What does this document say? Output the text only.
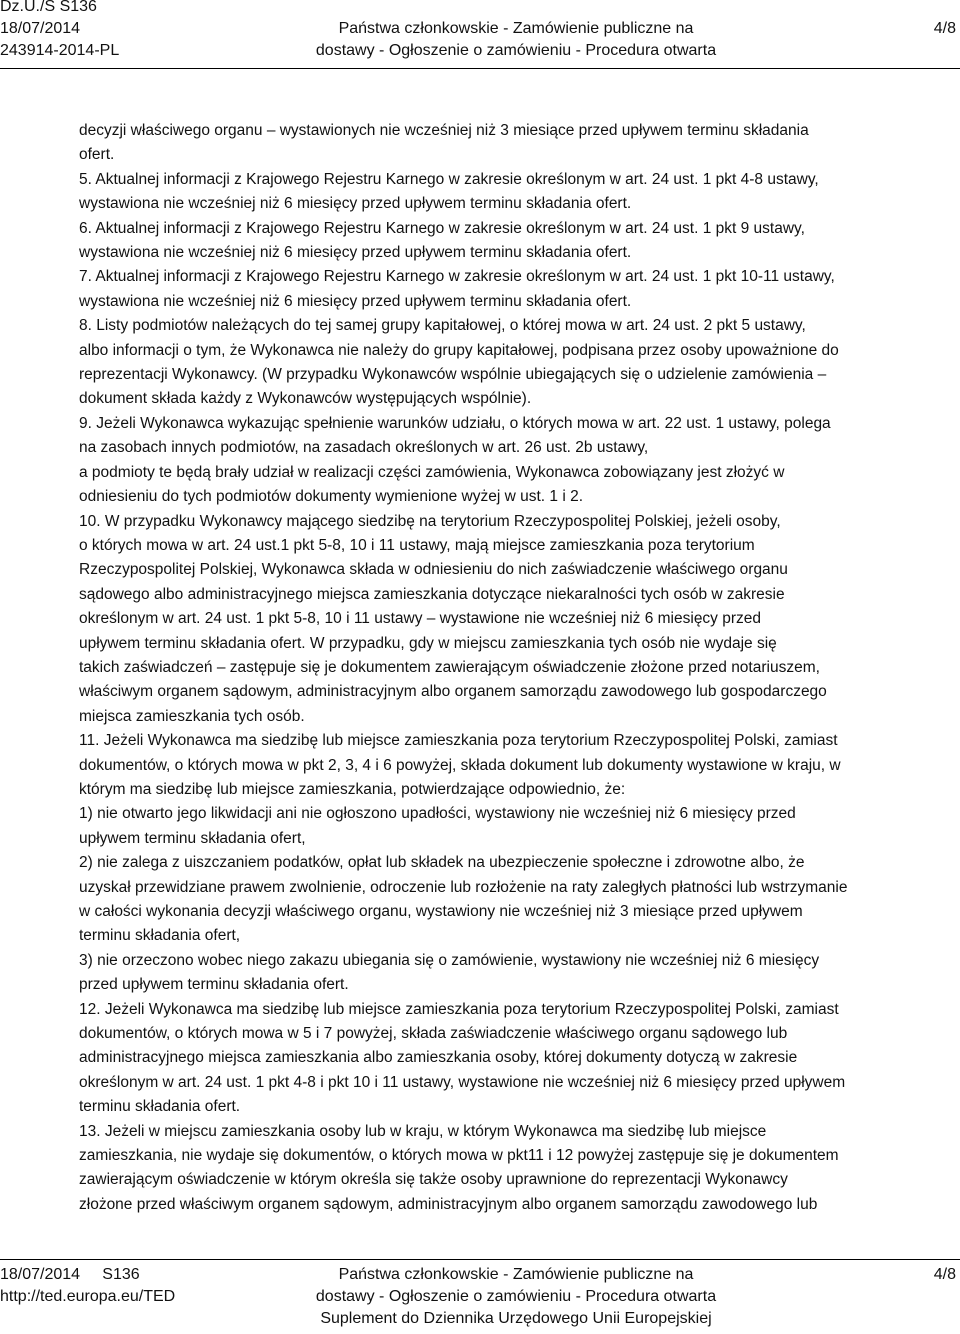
Dz.U./S S136
18/07/2014
243914-2014-PL
Państwa członkowskie - Zamówienie publiczne na
dostawy - Ogłoszenie o zamówieniu - Procedura otwarta
4/8

decyzji właściwego organu – wystawionych nie wcześniej niż 3 miesiące przed upływem terminu składania
ofert.

5. Aktualnej informacji z Krajowego Rejestru Karnego w zakresie określonym w art. 24 ust. 1 pkt 4-8 ustawy,
wystawiona nie wcześniej niż 6 miesięcy przed upływem terminu składania ofert.

6. Aktualnej informacji z Krajowego Rejestru Karnego w zakresie określonym w art. 24 ust. 1 pkt 9 ustawy,
wystawiona nie wcześniej niż 6 miesięcy przed upływem terminu składania ofert.

7. Aktualnej informacji z Krajowego Rejestru Karnego w zakresie określonym w art. 24 ust. 1 pkt 10-11 ustawy,
wystawiona nie wcześniej niż 6 miesięcy przed upływem terminu składania ofert.

8. Listy podmiotów należących do tej samej grupy kapitałowej, o której mowa w art. 24 ust. 2 pkt 5 ustawy,
albo informacji o tym, że Wykonawca nie należy do grupy kapitałowej, podpisana przez osoby upoważnione do
reprezentacji Wykonawcy. (W przypadku Wykonawców wspólnie ubiegających się o udzielenie zamówienia –
dokument składa każdy z Wykonawców występujących wspólnie).

9. Jeżeli Wykonawca wykazując spełnienie warunków udziału, o których mowa w art. 22 ust. 1 ustawy, polega
na zasobach innych podmiotów, na zasadach określonych w art. 26 ust. 2b ustawy,
a podmioty te będą brały udział w realizacji części zamówienia, Wykonawca zobowiązany jest złożyć w
odniesieniu do tych podmiotów dokumenty wymienione wyżej w ust. 1 i 2.

10. W przypadku Wykonawcy mającego siedzibę na terytorium Rzeczypospolitej Polskiej, jeżeli osoby,
o których mowa w art. 24 ust.1 pkt 5-8, 10 i 11 ustawy, mają miejsce zamieszkania poza terytorium
Rzeczypospolitej Polskiej, Wykonawca składa w odniesieniu do nich zaświadczenie właściwego organu
sądowego albo administracyjnego miejsca zamieszkania dotyczące niekaralności tych osób w zakresie
określonym w art. 24 ust. 1 pkt 5-8, 10 i 11 ustawy – wystawione nie wcześniej niż 6 miesięcy przed
upływem terminu składania ofert. W przypadku, gdy w miejscu zamieszkania tych osób nie wydaje się
takich zaświadczeń – zastępuje się je dokumentem zawierającym oświadczenie złożone przed notariuszem,
właściwym organem sądowym, administracyjnym albo organem samorządu zawodowego lub gospodarczego
miejsca zamieszkania tych osób.

11. Jeżeli Wykonawca ma siedzibę lub miejsce zamieszkania poza terytorium Rzeczypospolitej Polski, zamiast
dokumentów, o których mowa w pkt 2, 3, 4 i 6 powyżej, składa dokument lub dokumenty wystawione w kraju, w
którym ma siedzibę lub miejsce zamieszkania, potwierdzające odpowiednio, że:

1) nie otwarto jego likwidacji ani nie ogłoszono upadłości, wystawiony nie wcześniej niż 6 miesięcy przed
upływem terminu składania ofert,

2) nie zalega z uiszczaniem podatków, opłat lub składek na ubezpieczenie społeczne i zdrowotne albo, że
uzyskał przewidziane prawem zwolnienie, odroczenie lub rozłożenie na raty zaległych płatności lub wstrzymanie
w całości wykonania decyzji właściwego organu, wystawiony nie wcześniej niż 3 miesiące przed upływem
terminu składania ofert,

3) nie orzeczono wobec niego zakazu ubiegania się o zamówienie, wystawiony nie wcześniej niż 6 miesięcy
przed upływem terminu składania ofert.

12. Jeżeli Wykonawca ma siedzibę lub miejsce zamieszkania poza terytorium Rzeczypospolitej Polski, zamiast
dokumentów, o których mowa w 5 i 7 powyżej, składa zaświadczenie właściwego organu sądowego lub
administracyjnego miejsca zamieszkania albo zamieszkania osoby, której dokumenty dotyczą w zakresie
określonym w art. 24 ust. 1 pkt 4-8 i pkt 10 i 11 ustawy, wystawione nie wcześniej niż 6 miesięcy przed upływem
terminu składania ofert.

13. Jeżeli w miejscu zamieszkania osoby lub w kraju, w którym Wykonawca ma siedzibę lub miejsce
zamieszkania, nie wydaje się dokumentów, o których mowa w pkt11 i 12 powyżej zastępuje się je dokumentem
zawierającym oświadczenie w którym określa się także osoby uprawnione do reprezentacji Wykonawcy
złożone przed właściwym organem sądowym, administracyjnym albo organem samorządu zawodowego lub

18/07/2014     S136
http://ted.europa.eu/TED
Państwa członkowskie - Zamówienie publiczne na
dostawy - Ogłoszenie o zamówieniu - Procedura otwarta
Suplement do Dziennika Urzędowego Unii Europejskiej
4/8
